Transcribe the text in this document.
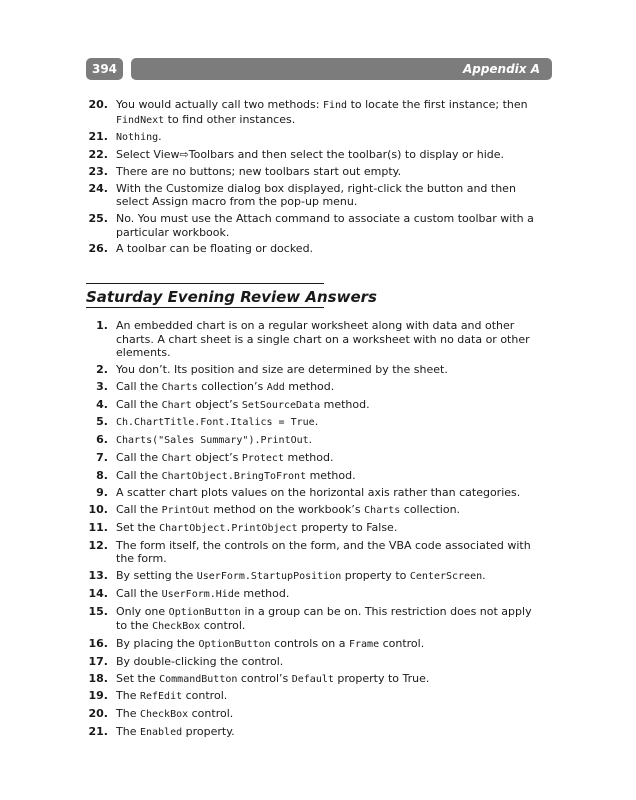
394	Appendix A
20. You would actually call two methods: Find to locate the first instance; then FindNext to find other instances.
21. Nothing.
22. Select View⇨Toolbars and then select the toolbar(s) to display or hide.
23. There are no buttons; new toolbars start out empty.
24. With the Customize dialog box displayed, right-click the button and then select Assign macro from the pop-up menu.
25. No. You must use the Attach command to associate a custom toolbar with a particular workbook.
26. A toolbar can be floating or docked.
Saturday Evening Review Answers
1. An embedded chart is on a regular worksheet along with data and other charts. A chart sheet is a single chart on a worksheet with no data or other elements.
2. You don’t. Its position and size are determined by the sheet.
3. Call the Charts collection’s Add method.
4. Call the Chart object’s SetSourceData method.
5. Ch.ChartTitle.Font.Italics = True.
6. Charts("Sales Summary").PrintOut.
7. Call the Chart object’s Protect method.
8. Call the ChartObject.BringToFront method.
9. A scatter chart plots values on the horizontal axis rather than categories.
10. Call the PrintOut method on the workbook’s Charts collection.
11. Set the ChartObject.PrintObject property to False.
12. The form itself, the controls on the form, and the VBA code associated with the form.
13. By setting the UserForm.StartupPosition property to CenterScreen.
14. Call the UserForm.Hide method.
15. Only one OptionButton in a group can be on. This restriction does not apply to the CheckBox control.
16. By placing the OptionButton controls on a Frame control.
17. By double-clicking the control.
18. Set the CommandButton control’s Default property to True.
19. The RefEdit control.
20. The CheckBox control.
21. The Enabled property.
